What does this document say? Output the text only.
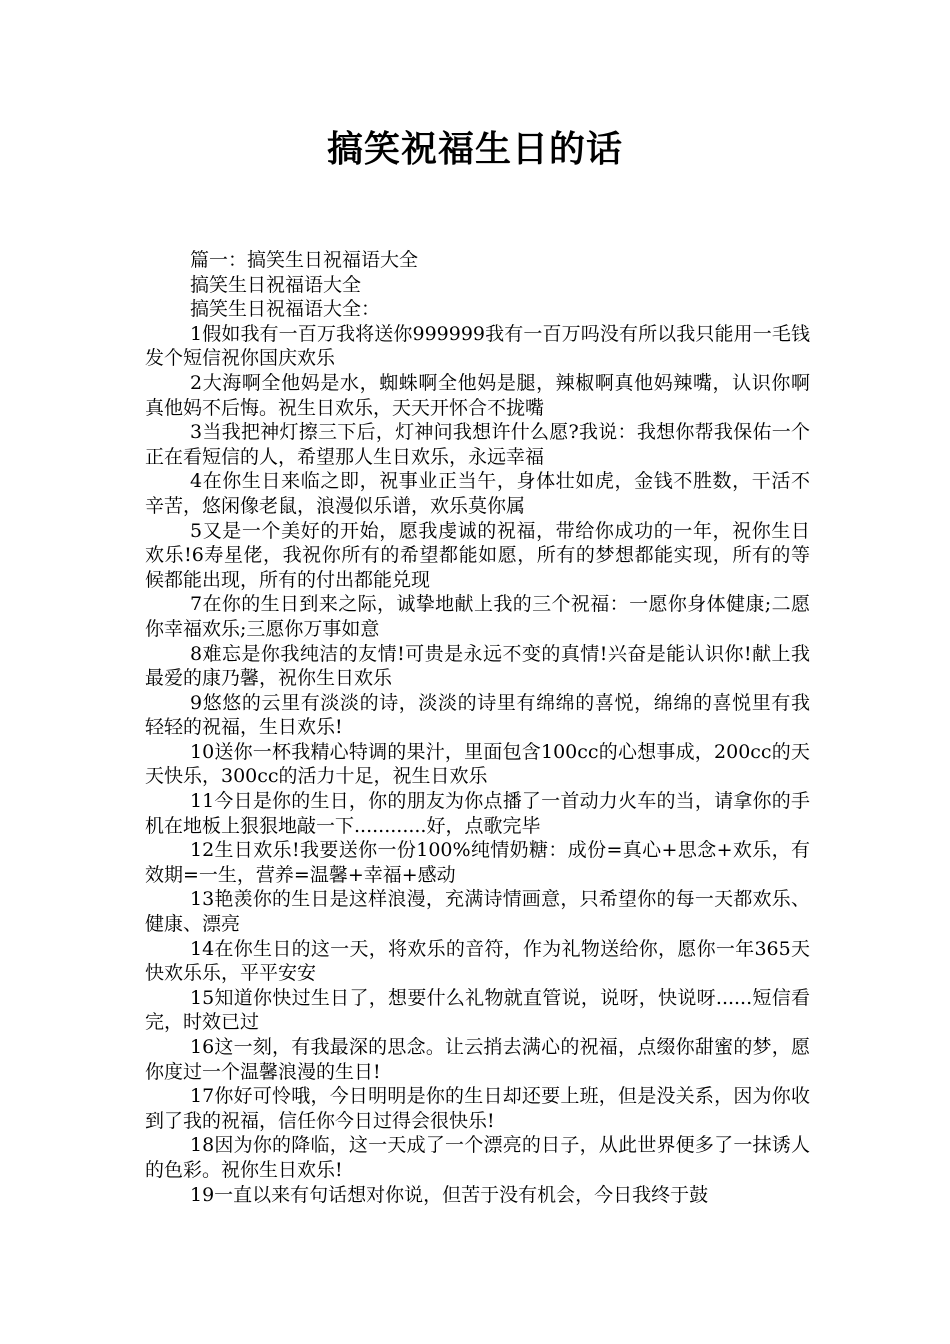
搞笑祝福生日的话

篇一：搞笑生日祝福语大全

搞笑生日祝福语大全

搞笑生日祝福语大全：

1假如我有一百万我将送你999999我有一百万吗没有所以我只能用一毛钱发个短信祝你国庆欢乐

2大海啊全他妈是水，蜘蛛啊全他妈是腿，辣椒啊真他妈辣嘴，认识你啊真他妈不后悔。祝生日欢乐，天天开怀合不拢嘴

3当我把神灯擦三下后，灯神问我想许什么愿?我说：我想你帮我保佑一个正在看短信的人，希望那人生日欢乐，永远幸福

4在你生日来临之即，祝事业正当午，身体壮如虎，金钱不胜数，干活不辛苦，悠闲像老鼠，浪漫似乐谱，欢乐莫你属

5又是一个美好的开始，愿我虔诚的祝福，带给你成功的一年，祝你生日欢乐!6寿星佬，我祝你所有的希望都能如愿，所有的梦想都能实现，所有的等候都能出现，所有的付出都能兑现

7在你的生日到来之际，诚挚地献上我的三个祝福：一愿你身体健康;二愿你幸福欢乐;三愿你万事如意

8难忘是你我纯洁的友情!可贵是永远不变的真情!兴奋是能认识你!献上我最爱的康乃馨，祝你生日欢乐

9悠悠的云里有淡淡的诗，淡淡的诗里有绵绵的喜悦，绵绵的喜悦里有我轻轻的祝福，生日欢乐!

10送你一杯我精心特调的果汁，里面包含100cc的心想事成，200cc的天天快乐，300cc的活力十足，祝生日欢乐

11今日是你的生日，你的朋友为你点播了一首动力火车的当，请拿你的手机在地板上狠狠地敲一下............好，点歌完毕

12生日欢乐!我要送你一份100%纯情奶糖：成份=真心+思念+欢乐，有效期=一生，营养=温馨+幸福+感动

13艳羡你的生日是这样浪漫，充满诗情画意，只希望你的每一天都欢乐、健康、漂亮

14在你生日的这一天，将欢乐的音符，作为礼物送给你，愿你一年365天快欢乐乐，平平安安

15知道你快过生日了，想要什么礼物就直管说，说呀，快说呀......短信看完，时效已过

16这一刻，有我最深的思念。让云捎去满心的祝福，点缀你甜蜜的梦，愿你度过一个温馨浪漫的生日!

17你好可怜哦，今日明明是你的生日却还要上班，但是没关系，因为你收到了我的祝福，信任你今日过得会很快乐!

18因为你的降临，这一天成了一个漂亮的日子，从此世界便多了一抹诱人的色彩。祝你生日欢乐!

19一直以来有句话想对你说，但苦于没有机会，今日我终于鼓
